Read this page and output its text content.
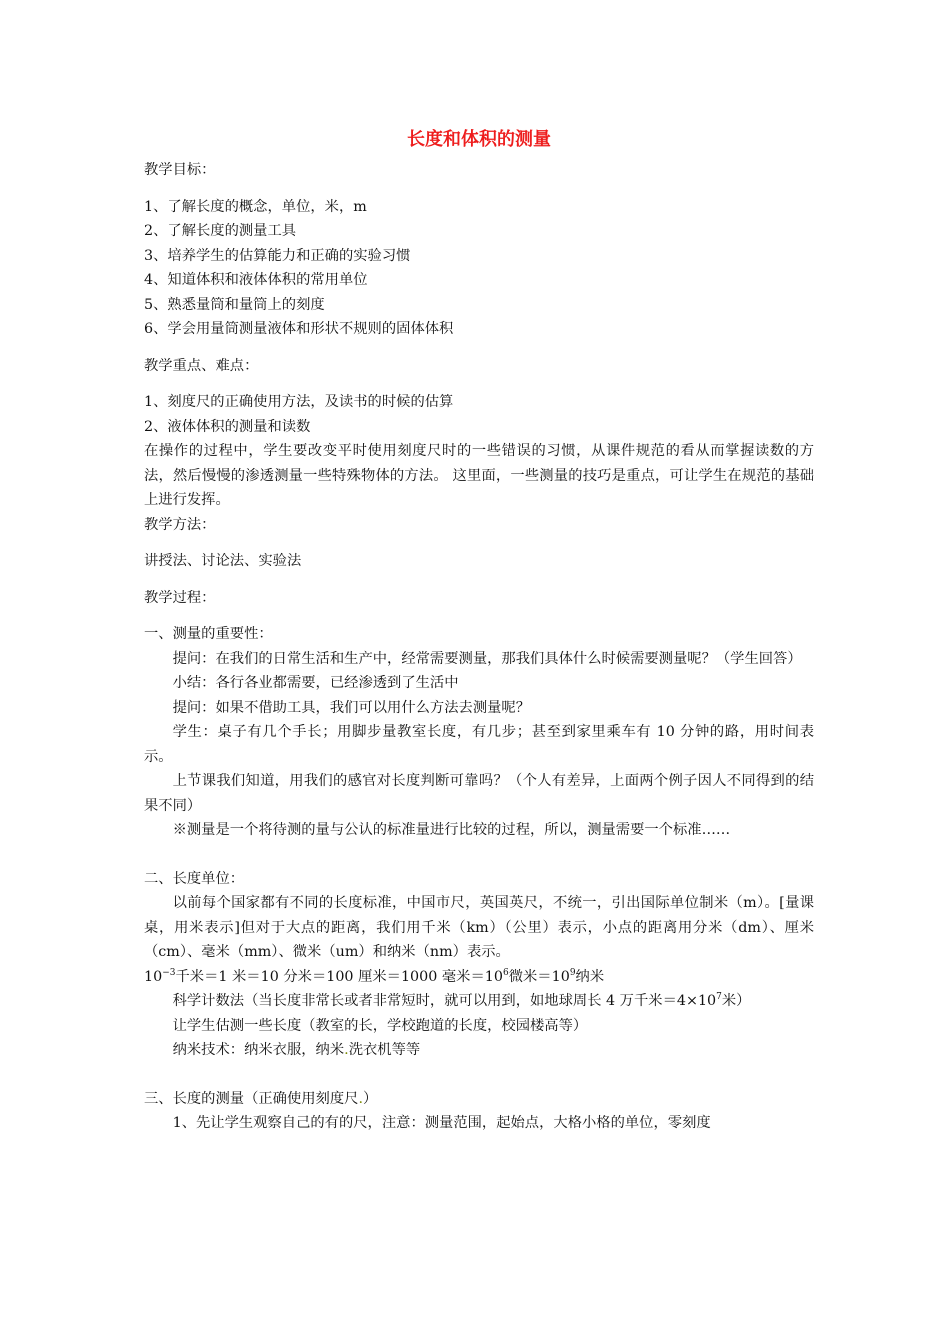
长度和体积的测量
教学目标：
1、了解长度的概念，单位，米，m
2、了解长度的测量工具
3、培养学生的估算能力和正确的实验习惯
4、知道体积和液体体积的常用单位
5、熟悉量筒和量筒上的刻度
6、学会用量筒测量液体和形状不规则的固体体积
教学重点、难点：
1、刻度尺的正确使用方法，及读书的时候的估算
2、液体体积的测量和读数
在操作的过程中，学生要改变平时使用刻度尺时的一些错误的习惯，从课件规范的看从而掌握读数的方法，然后慢慢的渗透测量一些特殊物体的方法。 这里面，一些测量的技巧是重点，可让学生在规范的基础上进行发挥。
教学方法：
讲授法、讨论法、实验法
教学过程：
一、测量的重要性：
提问：在我们的日常生活和生产中，经常需要测量，那我们具体什么时候需要测量呢？（学生回答）
小结：各行各业都需要，已经渗透到了生活中
提问：如果不借助工具，我们可以用什么方法去测量呢？
学生：桌子有几个手长；用脚步量教室长度，有几步；甚至到家里乘车有 10 分钟的路，用时间表示。
上节课我们知道，用我们的感官对长度判断可靠吗？（个人有差异，上面两个例子因人不同得到的结果不同）
※测量是一个将待测的量与公认的标准量进行比较的过程，所以，测量需要一个标准……
二、长度单位：
以前每个国家都有不同的长度标准，中国市尺，英国英尺，不统一，引出国际单位制米（m）。[量课桌，用米表示]但对于大点的距离，我们用千米（km）（公里）表示，小点的距离用分米（dm）、厘米（cm）、毫米（mm）、微米（um）和纳米（nm）表示。
$10^{-3}$千米＝1 米＝10 分米＝100 厘米＝1000 毫米$=10^6$微米$=10^9$纳米
科学计数法（当长度非常长或者非常短时，就可以用到，如地球周长 4 万千米$=4\times 10^7$米）
让学生估测一些长度（教室的长，学校跑道的长度，校园楼高等）
纳米技术：纳米衣服，纳米.洗衣机等等
三、长度的测量（正确使用刻度尺.）
1、先让学生观察自己的有的尺，注意：测量范围，起始点，大格小格的单位，零刻度
